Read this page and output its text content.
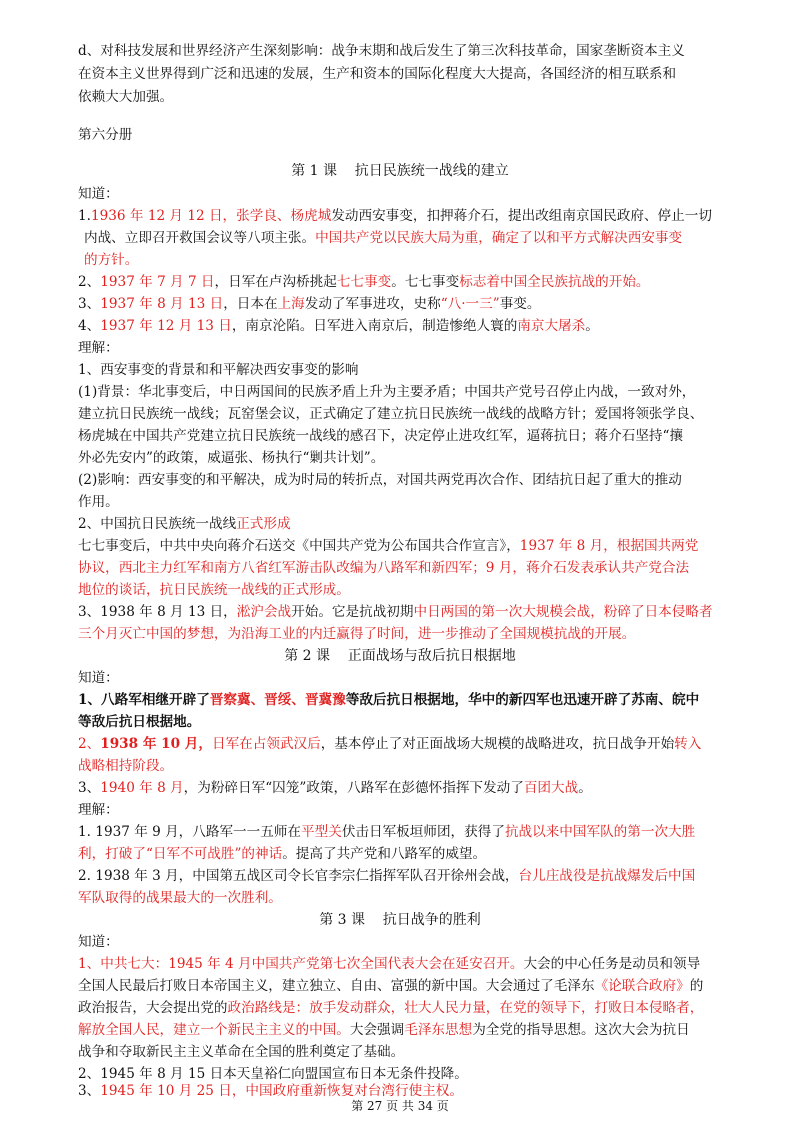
d、对科技发展和世界经济产生深刻影响：战争末期和战后发生了第三次科技革命，国家垄断资本主义
在资本主义世界得到广泛和迅速的发展，生产和资本的国际化程度大大提高，各国经济的相互联系和
依赖大大加强。
第六分册
第 1 课    抗日民族统一战线的建立
知道：
1.1936 年 12 月 12 日，张学良、杨虎城发动西安事变，扣押蒋介石，提出改组南京国民政府、停止一切
内战、立即召开救国会议等八项主张。中国共产党以民族大局为重，确定了以和平方式解决西安事变
的方针。
2、1937 年 7 月 7 日，日军在卢沟桥挑起七七事变。七七事变标志着中国全民族抗战的开始。
3、1937 年 8 月 13 日，日本在上海发动了军事进攻，史称“八·一三”事变。
4、1937 年 12 月 13 日，南京沦陷。日军进入南京后，制造惨绝人寰的南京大屠杀。
理解：
1、西安事变的背景和和平解决西安事变的影响
(1)背景：华北事变后，中日两国间的民族矛盾上升为主要矛盾；中国共产党号召停止内战，一致对外，
建立抗日民族统一战线；瓦窑堡会议，正式确定了建立抗日民族统一战线的战略方针；爱国将领张学良、
杨虎城在中国共产党建立抗日民族统一战线的感召下，决定停止进攻红军，逼蒋抗日；蒋介石坚持“攘
外必先安内”的政策，威逼张、杨执行“剿共计划”。
(2)影响：西安事变的和平解决，成为时局的转折点，对国共两党再次合作、团结抗日起了重大的推动
作用。
2、中国抗日民族统一战线正式形成
七七事变后，中共中央向蒋介石送交《中国共产党为公布国共合作宣言》，1937 年 8 月，根据国共两党
协议，西北主力红军和南方八省红军游击队改编为八路军和新四军；9 月，蒋介石发表承认共产党合法
地位的谈话，抗日民族统一战线的正式形成。
3、1938 年 8 月 13 日，淞沪会战开始。它是抗战初期中日两国的第一次大规模会战，粉碎了日本侵略者
三个月灭亡中国的梦想，为沿海工业的内迁赢得了时间，进一步推动了全国规模抗战的开展。
第 2 课    正面战场与敌后抗日根据地
知道：
1、八路军相继开辟了晋察冀、晋绥、晋冀豫等敌后抗日根据地，华中的新四军也迅速开辟了苏南、皖中
等敌后抗日根据地。
2、1938 年 10 月，日军在占领武汉后，基本停止了对正面战场大规模的战略进攻，抗日战争开始转入
战略相持阶段。
3、1940 年 8 月，为粉碎日军“囚笼”政策，八路军在彭德怀指挥下发动了百团大战。
理解：
1. 1937 年 9 月，八路军一一五师在平型关伏击日军板垣师团，获得了抗战以来中国军队的第一次大胜
利，打破了“日军不可战胜”的神话。提高了共产党和八路军的威望。
2. 1938 年 3 月，中国第五战区司令长官李宗仁指挥军队召开徐州会战，台儿庄战役是抗战爆发后中国
军队取得的战果最大的一次胜利。
第 3 课    抗日战争的胜利
知道：
1、中共七大：1945 年 4 月中国共产党第七次全国代表大会在延安召开。大会的中心任务是动员和领导
全国人民最后打败日本帝国主义，建立独立、自由、富强的新中国。大会通过了毛泽东《论联合政府》的
政治报告，大会提出党的政治路线是：放手发动群众，壮大人民力量，在党的领导下，打败日本侵略者，
解放全国人民，建立一个新民主主义的中国。大会强调毛泽东思想为全党的指导思想。这次大会为抗日
战争和夺取新民主主义革命在全国的胜利奠定了基础。
2、1945 年 8 月 15 日本天皇裕仁向盟国宣布日本无条件投降。
3、1945 年 10 月 25 日，中国政府重新恢复对台湾行使主权。
第 27 页 共 34 页
